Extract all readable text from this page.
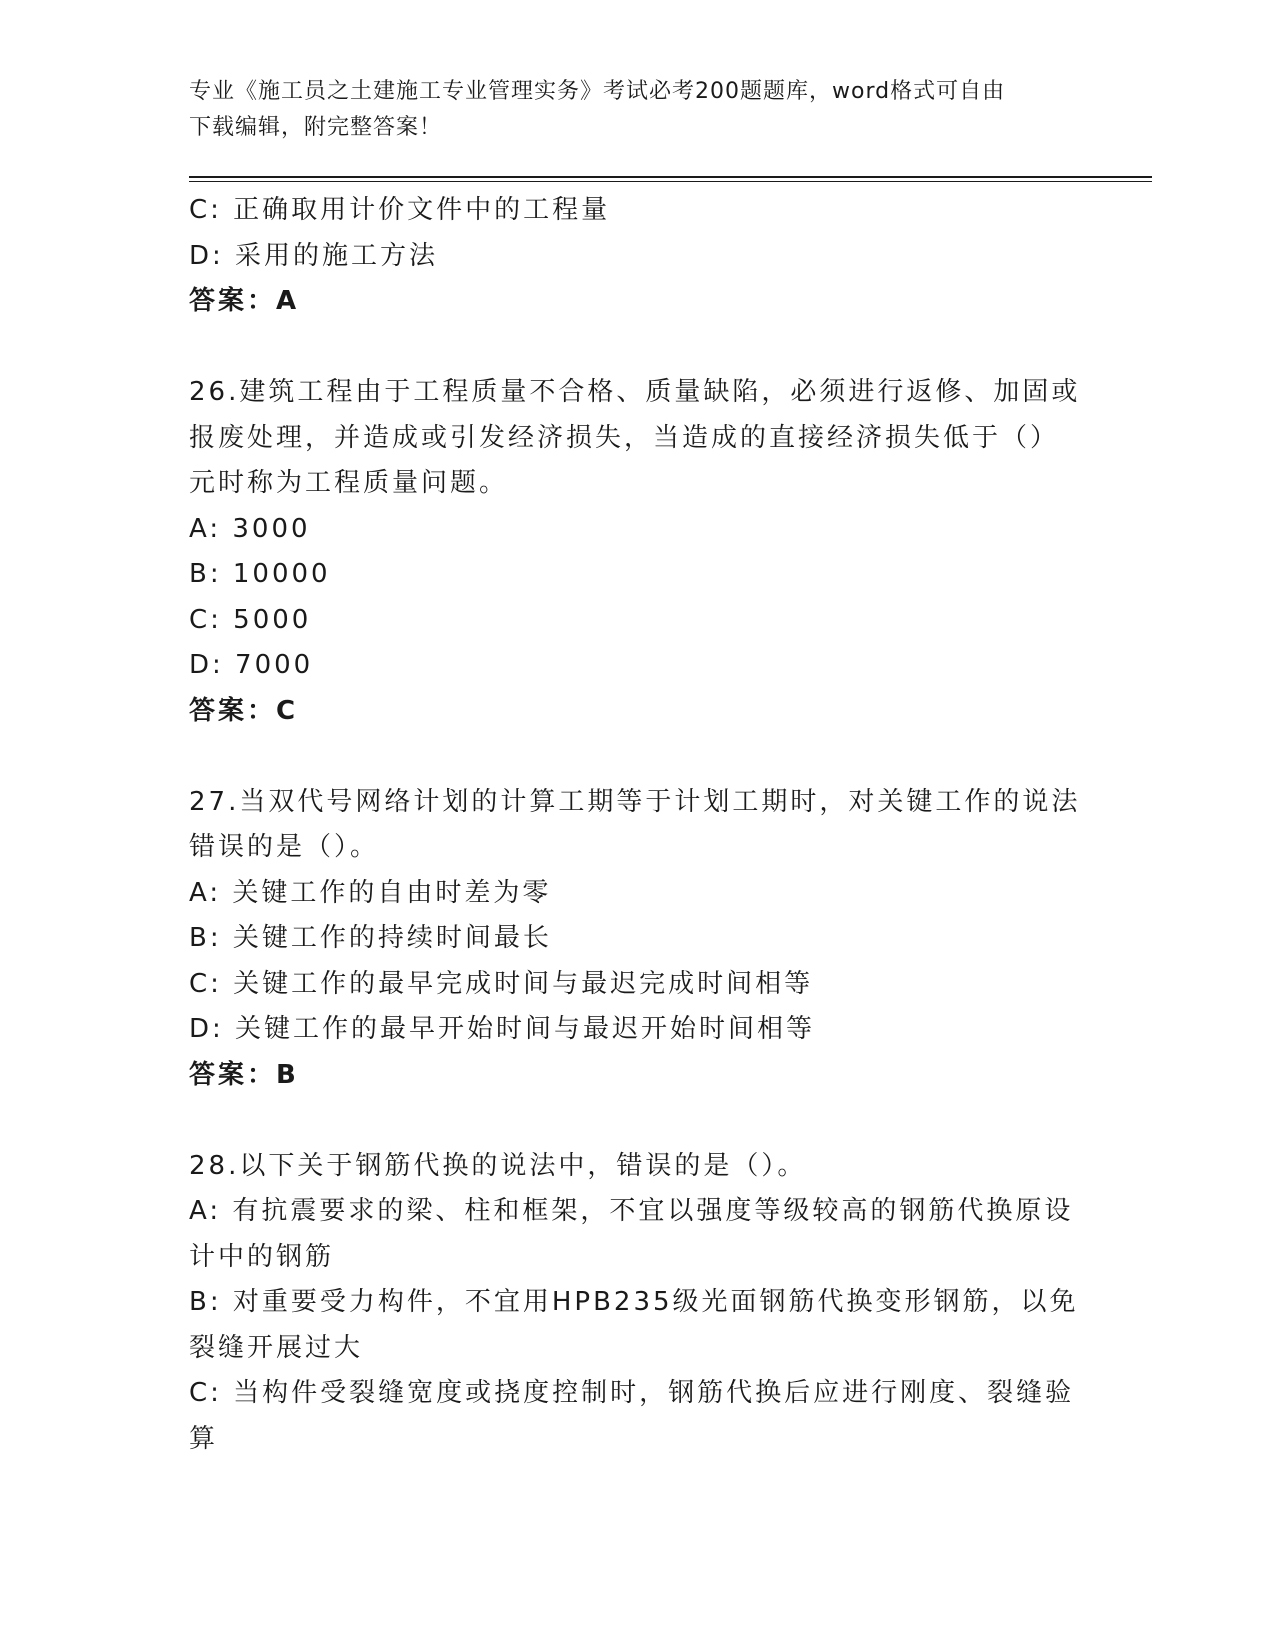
专业《施工员之土建施工专业管理实务》考试必考200题题库，word格式可自由
下载编辑，附完整答案！
C: 正确取用计价文件中的工程量
D: 采用的施工方法
答案：A
26.建筑工程由于工程质量不合格、质量缺陷，必须进行返修、加固或
报废处理，并造成或引发经济损失，当造成的直接经济损失低于（）
元时称为工程质量问题。
A: 3000
B: 10000
C: 5000
D: 7000
答案：C
27.当双代号网络计划的计算工期等于计划工期时，对关键工作的说法
错误的是（）。
A: 关键工作的自由时差为零
B: 关键工作的持续时间最长
C: 关键工作的最早完成时间与最迟完成时间相等
D: 关键工作的最早开始时间与最迟开始时间相等
答案：B
28.以下关于钢筋代换的说法中，错误的是（）。
A: 有抗震要求的梁、柱和框架，不宜以强度等级较高的钢筋代换原设
计中的钢筋
B: 对重要受力构件，不宜用HPB235级光面钢筋代换变形钢筋，以免
裂缝开展过大
C: 当构件受裂缝宽度或挠度控制时，钢筋代换后应进行刚度、裂缝验
算
